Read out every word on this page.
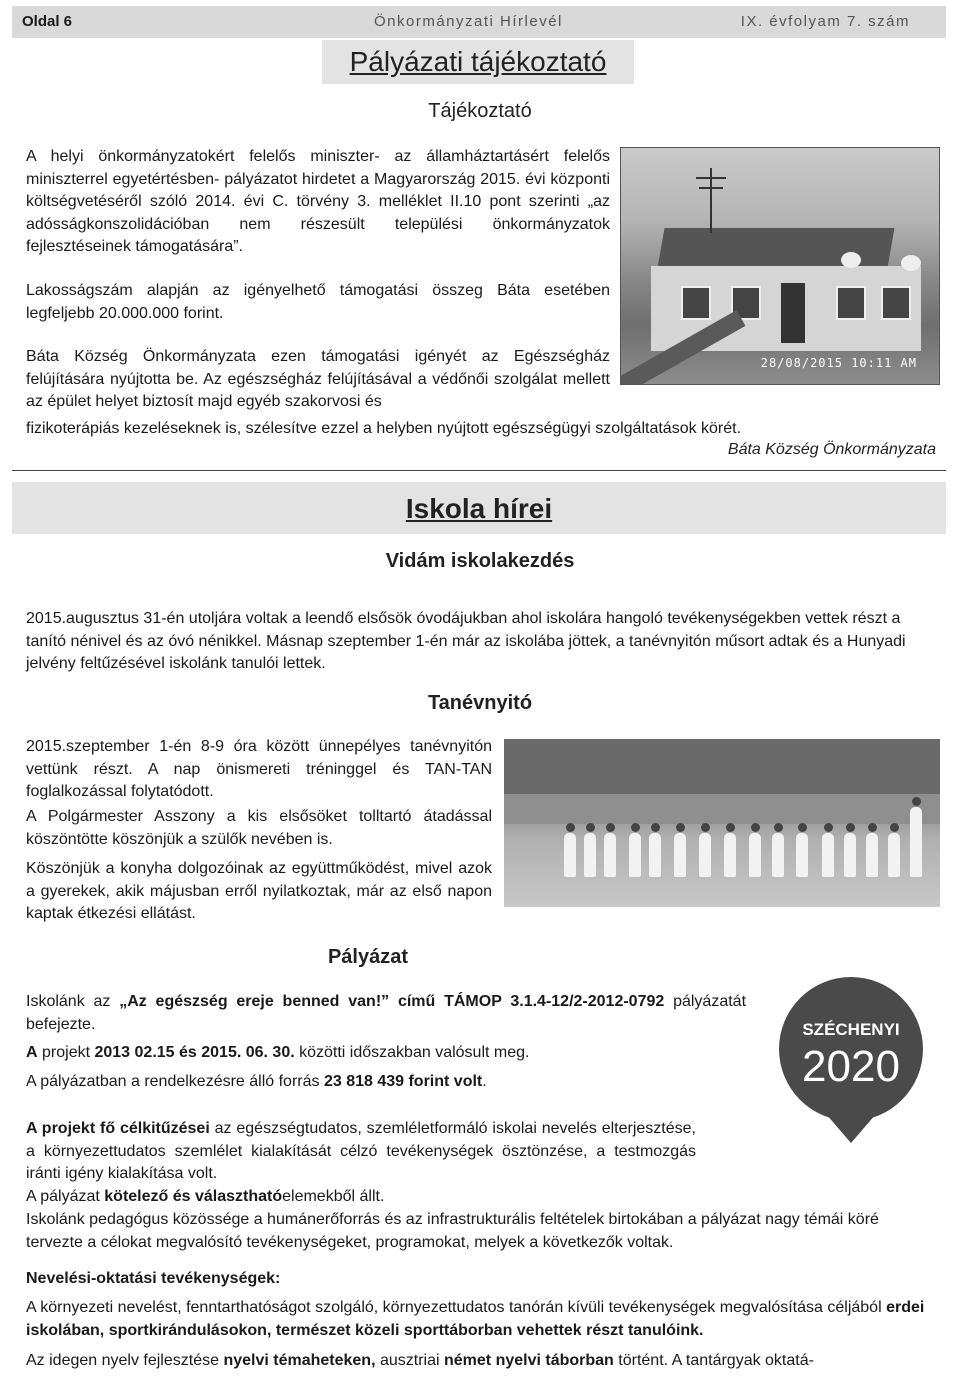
Oldal 6	Önkormányzati Hírlevél	IX. évfolyam 7. szám
Pályázati tájékoztató
Tájékoztató
A helyi önkormányzatokért felelős miniszter- az államháztartásért felelős miniszterrel egyetértésben- pályázatot hirdetet a Magyarország 2015. évi központi költségvetéséről szóló 2014. évi C. törvény 3. melléklet II.10 pont szerinti „az adósságkonszolidációban nem részesült települési önkormányzatok fejlesztéseinek támogatására”.
Lakosságszám alapján az igényelhető támogatási összeg Báta esetében legfeljebb 20.000.000 forint.
Báta Község Önkormányzata ezen támogatási igényét az Egészségház felújítására nyújtotta be. Az egészségház felújításával a védőnői szolgálat mellett az épület helyet biztosít majd egyéb szakorvosi és
fizikoterápiás kezeléseknek is, szélesítve ezzel a helyben nyújtott egészségügyi szolgáltatások körét.
Báta Község Önkormányzata
28/08/2015 10:11 AM
Iskola hírei
Vidám iskolakezdés
2015.augusztus 31-én utoljára voltak a leendő elsősök óvodájukban ahol iskolára hangoló tevékenységekben vettek részt a tanító nénivel és az óvó nénikkel. Másnap szeptember 1-én már az iskolába jöttek, a tanévnyitón műsort adtak és a Hunyadi jelvény feltűzésével iskolánk tanulói lettek.
Tanévnyitó
2015.szeptember 1-én 8-9 óra között ünnepélyes tanévnyitón vettünk részt. A nap önismereti tréninggel és TAN-TAN foglalkozással folytatódott.
A Polgármester Asszony a kis elsősöket tolltartó átadással köszöntötte köszönjük a szülők nevében is.
Köszönjük a konyha dolgozóinak az együttműködést, mivel azok a gyerekek, akik májusban erről nyilatkoztak, már az első napon kaptak étkezési ellátást.
Pályázat
Iskolánk az „Az egészség ereje benned van!” című TÁMOP 3.1.4-12/2-2012-0792 pályázatát befejezte.
A projekt 2013 02.15 és 2015. 06. 30. közötti időszakban valósult meg.
A pályázatban a rendelkezésre álló forrás 23 818 439 forint volt.
SZÉCHENYI
2020
A projekt fő célkitűzései az egészségtudatos, szemléletformáló iskolai nevelés elterjesztése, a környezettudatos szemlélet kialakítását célzó tevékenységek ösztönzése, a testmozgás iránti igény kialakítása volt.
A pályázat kötelező és választhatóelemekből állt.
Iskolánk pedagógus közössége a humánerőforrás és az infrastrukturális feltételek birtokában a pályázat nagy témái köré tervezte a célokat megvalósító tevékenységeket, programokat, melyek a következők voltak.
Nevelési-oktatási tevékenységek:
A környezeti nevelést, fenntarthatóságot szolgáló, környezettudatos tanórán kívüli tevékenységek megvalósítása céljából erdei iskolában, sportkirándulásokon, természet közeli sporttáborban vehettek részt tanulóink.
Az idegen nyelv fejlesztése nyelvi témaheteken, ausztriai német nyelvi táborban történt. A tantárgyak oktatá-
